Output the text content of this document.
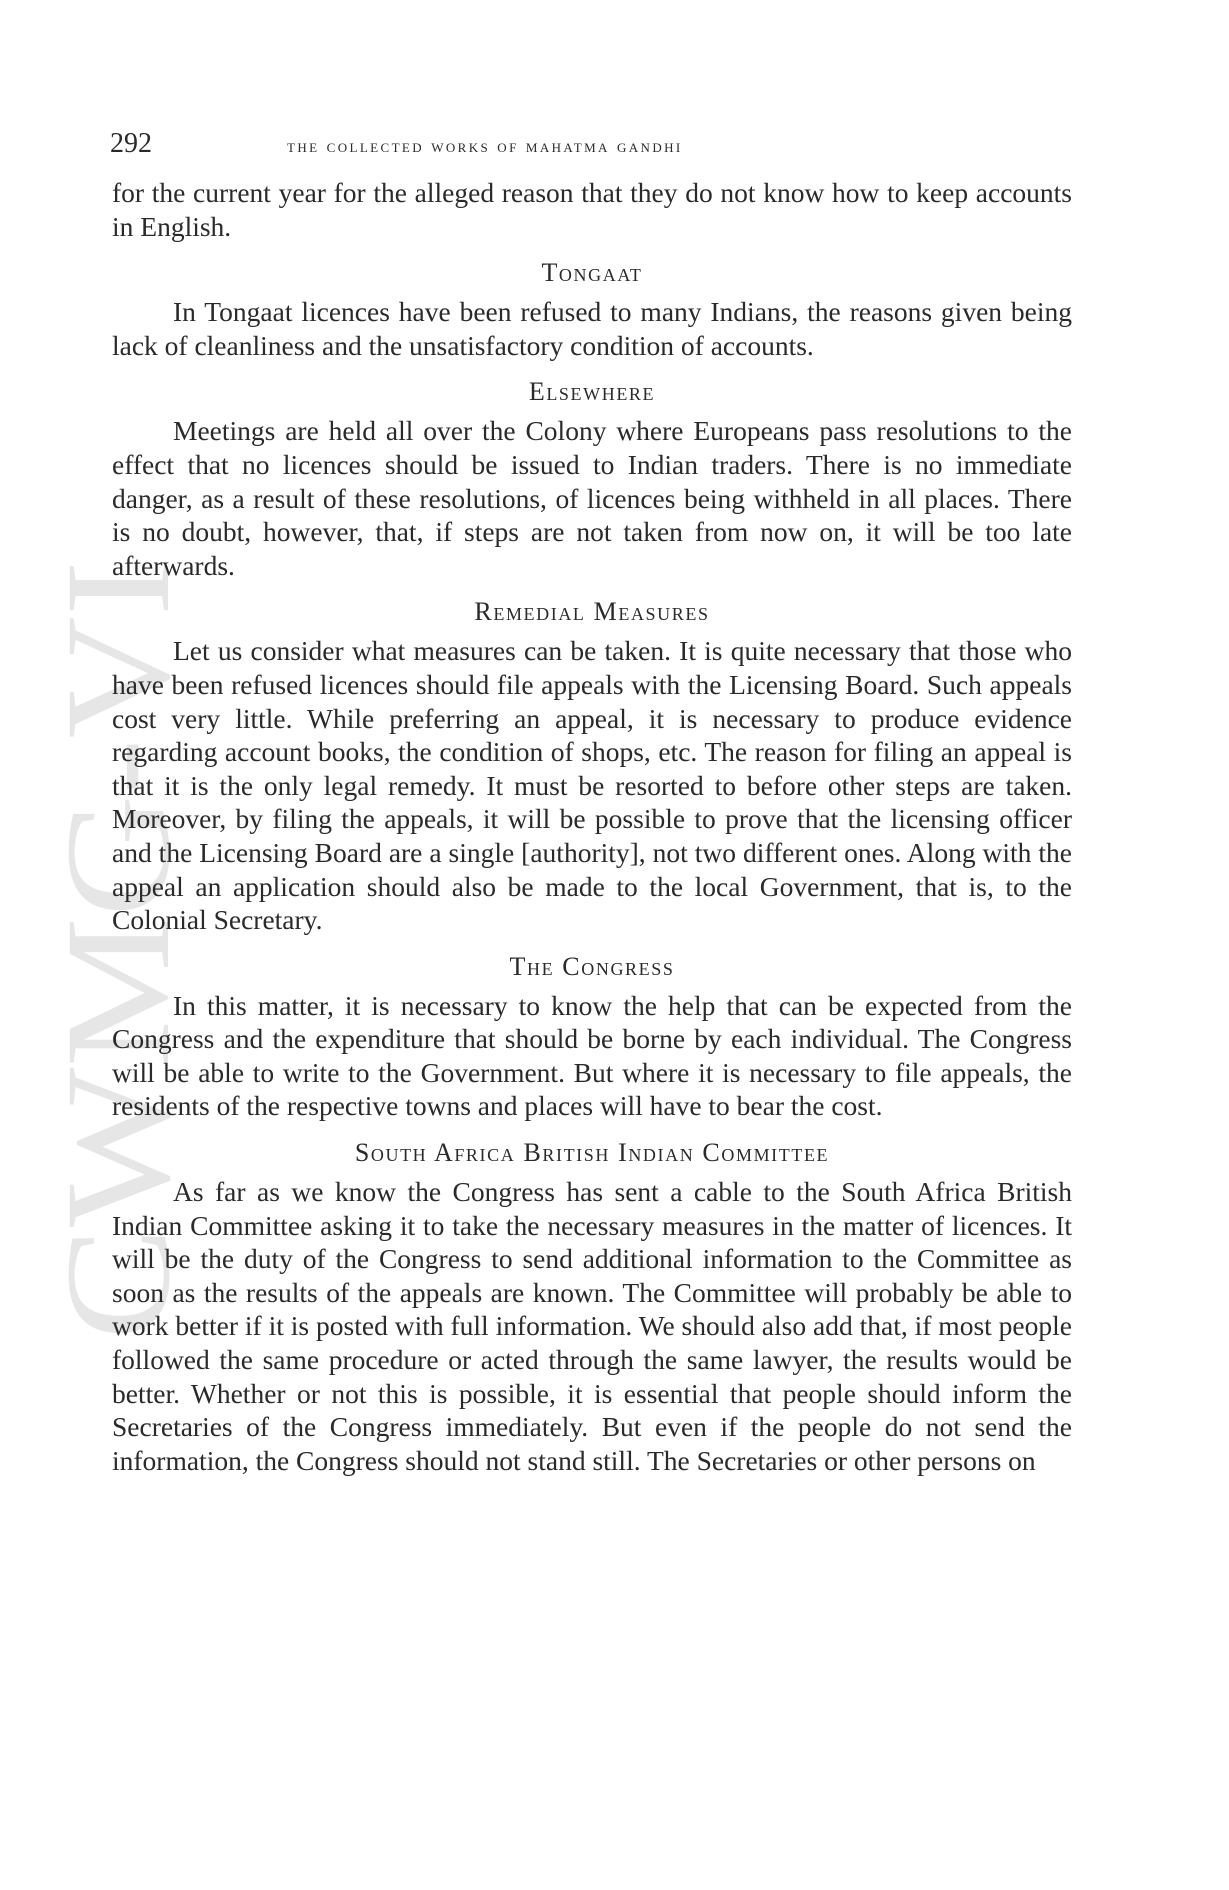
CWMG-VI
292	the collected works of mahatma gandhi

for the current year for the alleged reason that they do not know how to keep accounts in English.

Tongaat

In Tongaat licences have been refused to many Indians, the reasons given being lack of cleanliness and the unsatisfactory condition of accounts.

Elsewhere

Meetings are held all over the Colony where Europeans pass resolutions to the effect that no licences should be issued to Indian traders. There is no immediate danger, as a result of these resolutions, of licences being withheld in all places. There is no doubt, however, that, if steps are not taken from now on, it will be too late afterwards.

Remedial Measures

Let us consider what measures can be taken. It is quite necessary that those who have been refused licences should file appeals with the Licensing Board. Such appeals cost very little. While preferring an appeal, it is necessary to produce evidence regarding account books, the condition of shops, etc. The reason for filing an appeal is that it is the only legal remedy. It must be resorted to before other steps are taken. Moreover, by filing the appeals, it will be possible to prove that the licensing officer and the Licensing Board are a single [authority], not two different ones. Along with the appeal an application should also be made to the local Government, that is, to the Colonial Secretary.

The Congress

In this matter, it is necessary to know the help that can be expected from the Congress and the expenditure that should be borne by each individual. The Congress will be able to write to the Government. But where it is necessary to file appeals, the residents of the respective towns and places will have to bear the cost.

South Africa British Indian Committee

As far as we know the Congress has sent a cable to the South Africa British Indian Committee asking it to take the necessary measures in the matter of licences. It will be the duty of the Congress to send additional information to the Committee as soon as the results of the appeals are known. The Committee will probably be able to work better if it is posted with full information. We should also add that, if most people followed the same procedure or acted through the same lawyer, the results would be better. Whether or not this is possible, it is essential that people should inform the Secretaries of the Congress immediately. But even if the people do not send the information, the Congress should not stand still. The Secretaries or other persons on
